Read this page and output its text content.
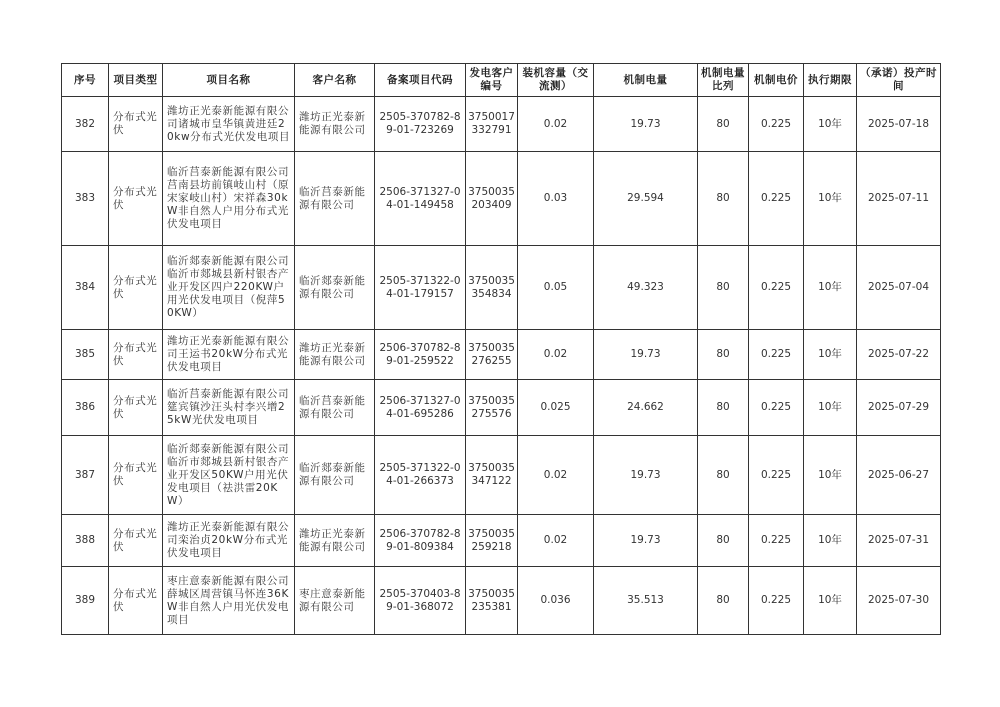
序号	项目类型	项目名称	客户名称	备案项目代码	发电客户编号	装机容量（交流测）	机制电量	机制电量比列	机制电价	执行期限	（承诺）投产时间
382	分布式光伏	潍坊正光泰新能源有限公司诸城市皇华镇黄进廷20kw分布式光伏发电项目	潍坊正光泰新能源有限公司	2505-370782-89-01-723269	3750017332791	0.02	19.73	80	0.225	10年	2025-07-18
383	分布式光伏	临沂莒泰新能源有限公司莒南县坊前镇岐山村（原宋家岐山村）宋祥森30kW非自然人户用分布式光伏发电项目	临沂莒泰新能源有限公司	2506-371327-04-01-149458	3750035203409	0.03	29.594	80	0.225	10年	2025-07-11
384	分布式光伏	临沂郯泰新能源有限公司临沂市郯城县新村银杏产业开发区四户220KW户用光伏发电项目（倪萍50KW）	临沂郯泰新能源有限公司	2505-371322-04-01-179157	3750035354834	0.05	49.323	80	0.225	10年	2025-07-04
385	分布式光伏	潍坊正光泰新能源有限公司王运书20kW分布式光伏发电项目	潍坊正光泰新能源有限公司	2506-370782-89-01-259522	3750035276255	0.02	19.73	80	0.225	10年	2025-07-22
386	分布式光伏	临沂莒泰新能源有限公司筵宾镇沙汪头村李兴增25kW光伏发电项目	临沂莒泰新能源有限公司	2506-371327-04-01-695286	3750035275576	0.025	24.662	80	0.225	10年	2025-07-29
387	分布式光伏	临沂郯泰新能源有限公司临沂市郯城县新村银杏产业开发区50KW户用光伏发电项目（祛洪雷20KW）	临沂郯泰新能源有限公司	2505-371322-04-01-266373	3750035347122	0.02	19.73	80	0.225	10年	2025-06-27
388	分布式光伏	潍坊正光泰新能源有限公司栾治贞20kW分布式光伏发电项目	潍坊正光泰新能源有限公司	2506-370782-89-01-809384	3750035259218	0.02	19.73	80	0.225	10年	2025-07-31
389	分布式光伏	枣庄意泰新能源有限公司薛城区周营镇马怀连36KW非自然人户用光伏发电项目	枣庄意泰新能源有限公司	2505-370403-89-01-368072	3750035235381	0.036	35.513	80	0.225	10年	2025-07-30
